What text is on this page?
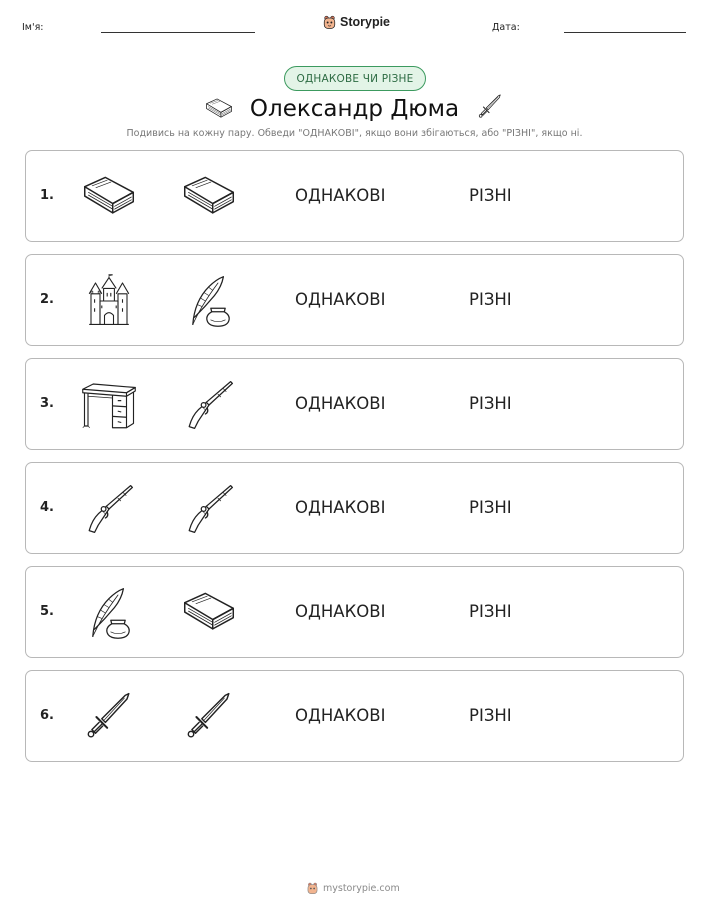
Ім'я:	Storypie	Дата:
ОДНАКОВЕ ЧИ РІЗНЕ
Олександр Дюма
Подивись на кожну пару. Обведи "ОДНАКОВІ", якщо вони збігаються, або "РІЗНІ", якщо ні.
1.	ОДНАКОВІ	РІЗНІ
2.	ОДНАКОВІ	РІЗНІ
3.	ОДНАКОВІ	РІЗНІ
4.	ОДНАКОВІ	РІЗНІ
5.	ОДНАКОВІ	РІЗНІ
6.	ОДНАКОВІ	РІЗНІ
mystorypie.com
